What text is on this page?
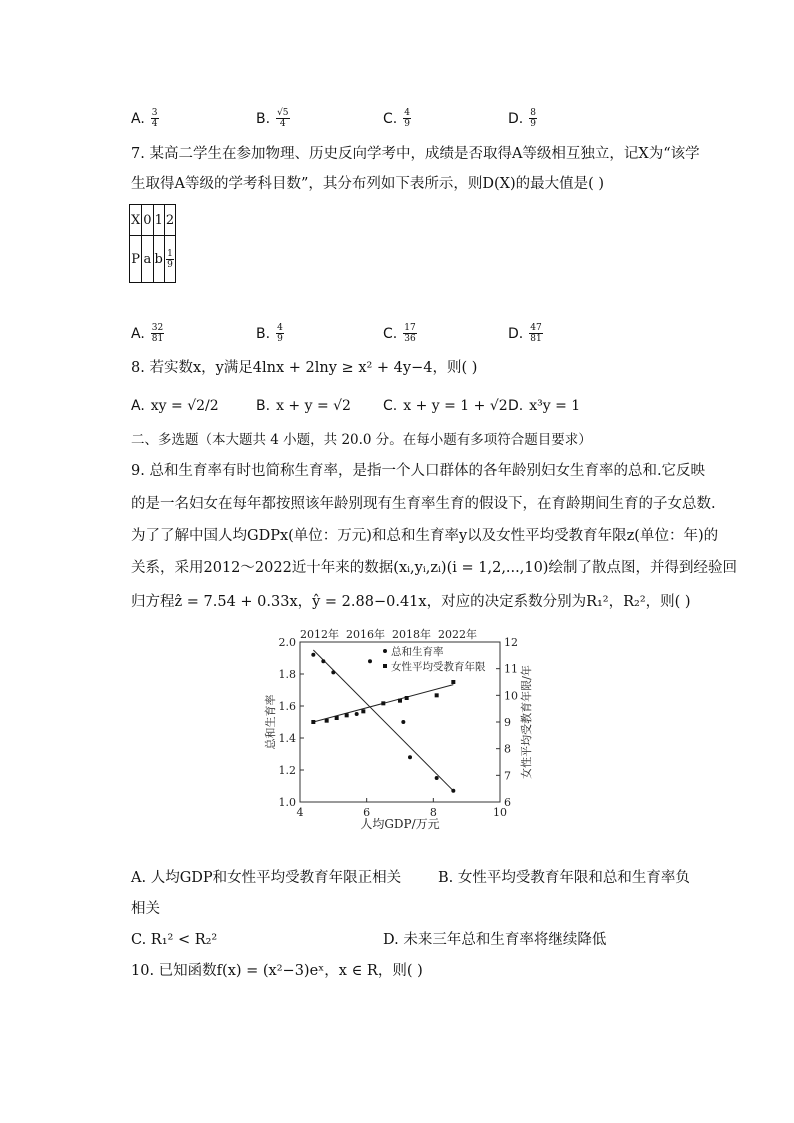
A. $\frac{3}{4}$	B. $\frac{√5}{4}$	C. $\frac{4}{9}$	D. $\frac{8}{9}$
7. 某高二学生在参加物理、历史反向学考中，成绩是否取得A等级相互独立，记X为“该学
生取得A等级的学考科目数”，其分布列如下表所示，则D(X)的最大值是( )
X	0	1	2
P	a	b	$\frac{1}{9}$
A. $\frac{32}{81}$	B. $\frac{4}{9}$	C. $\frac{17}{36}$	D. $\frac{47}{81}$
8. 若实数x，y满足4lnx + 2lny ≥ x² + 4y−4，则( )
A. xy = √2/2	B. x + y = √2 C. x + y = 1 + √2 D. x³y = 1
二、多选题（本大题共 4 小题，共 20.0 分。在每小题有多项符合题目要求）
9. 总和生育率有时也简称生育率，是指一个人口群体的各年龄别妇女生育率的总和.它反映
的是一名妇女在每年都按照该年龄别现有生育率生育的假设下，在育龄期间生育的子女总数.
为了了解中国人均GDPx(单位：万元)和总和生育率y以及女性平均受教育年限z(单位：年)的
关系，采用2012～2022近十年来的数据(xᵢ,yᵢ,zᵢ)(i = 1,2,...,10)绘制了散点图，并得到经验回
归方程ẑ = 7.54 + 0.33x，ŷ = 2.88−0.41x，对应的决定系数分别为R₁²，R₂²，则( )
4	6	8	10
1.0
1.2
1.4
1.6
1.8
2.0
6
7
8
9
10
11
12
2012年 2016年 2018年 2022年
人均GDP/万元
总和生育率	女性平均受教育年限/年
总和生育率
女性平均受教育年限
A. 人均GDP和女性平均受教育年限正相关	B. 女性平均受教育年限和总和生育率负
相关
C. R₁² < R₂²	D. 未来三年总和生育率将继续降低
10. 已知函数f(x) = (x²−3)eˣ，x ∈ R，则( )
